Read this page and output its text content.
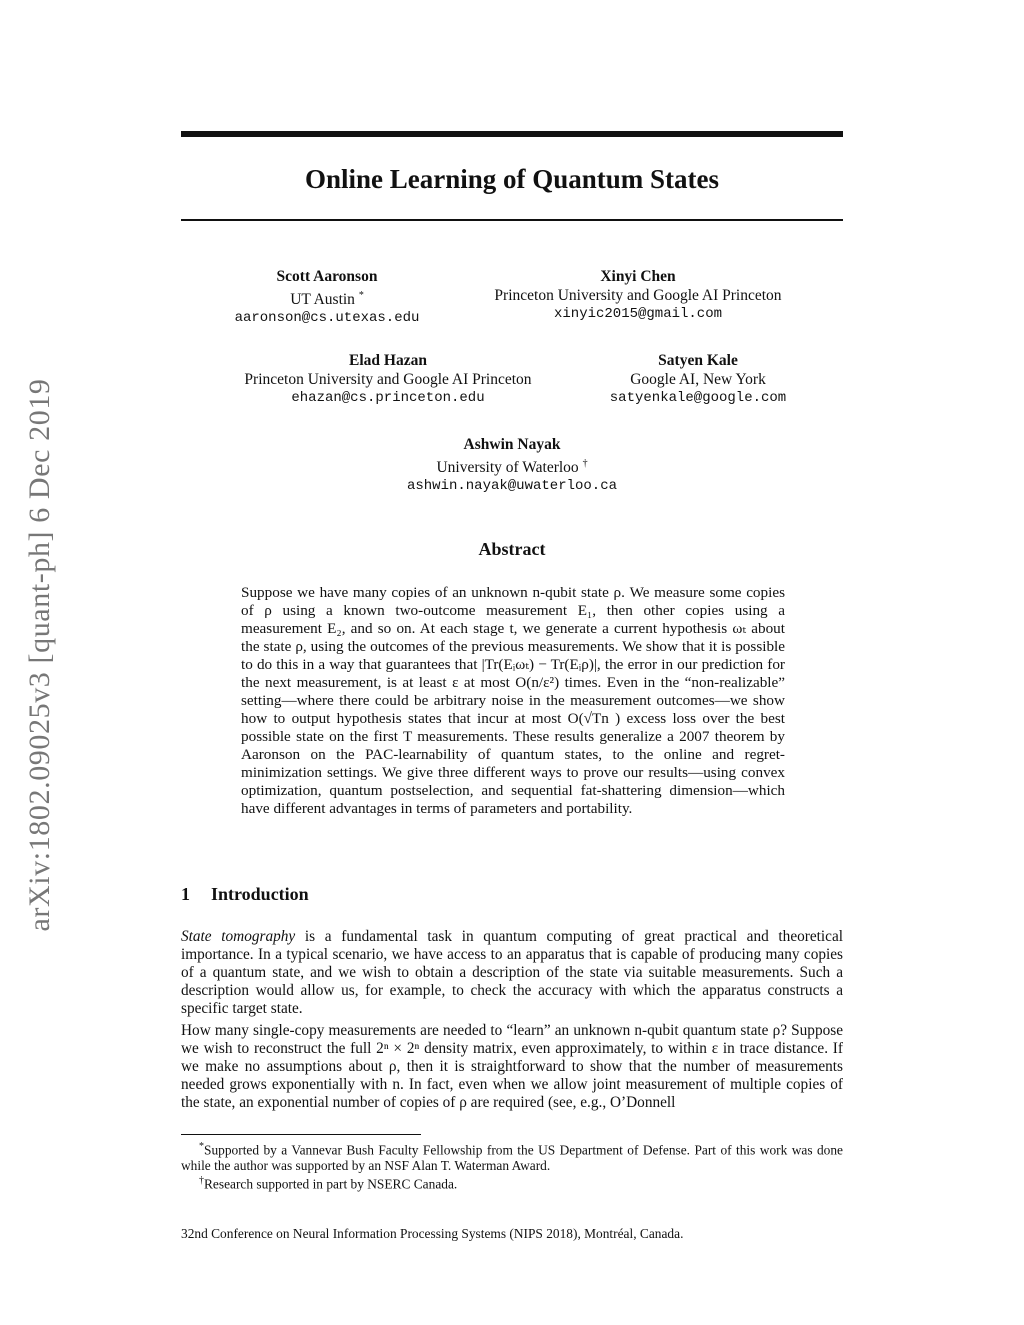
arXiv:1802.09025v3 [quant-ph] 6 Dec 2019
Online Learning of Quantum States
Scott Aaronson
UT Austin *
aaronson@cs.utexas.edu
Xinyi Chen
Princeton University and Google AI Princeton
xinyic2015@gmail.com
Elad Hazan
Princeton University and Google AI Princeton
ehazan@cs.princeton.edu
Satyen Kale
Google AI, New York
satyenkale@google.com
Ashwin Nayak
University of Waterloo †
ashwin.nayak@uwaterloo.ca
Abstract
Suppose we have many copies of an unknown n-qubit state ρ. We measure some copies of ρ using a known two-outcome measurement E₁, then other copies using a measurement E₂, and so on. At each stage t, we generate a current hypothesis ωₜ about the state ρ, using the outcomes of the previous measurements. We show that it is possible to do this in a way that guarantees that |Tr(Eᵢωₜ) − Tr(Eᵢρ)|, the error in our prediction for the next measurement, is at least ε at most O(n/ε²) times. Even in the “non-realizable” setting—where there could be arbitrary noise in the measurement outcomes—we show how to output hypothesis states that incur at most O(√Tn ) excess loss over the best possible state on the first T measurements. These results generalize a 2007 theorem by Aaronson on the PAC-learnability of quantum states, to the online and regret-minimization settings. We give three different ways to prove our results—using convex optimization, quantum postselection, and sequential fat-shattering dimension—which have different advantages in terms of parameters and portability.
1 Introduction
State tomography is a fundamental task in quantum computing of great practical and theoretical importance. In a typical scenario, we have access to an apparatus that is capable of producing many copies of a quantum state, and we wish to obtain a description of the state via suitable measurements. Such a description would allow us, for example, to check the accuracy with which the apparatus constructs a specific target state.
How many single-copy measurements are needed to “learn” an unknown n-qubit quantum state ρ? Suppose we wish to reconstruct the full 2ⁿ × 2ⁿ density matrix, even approximately, to within ε in trace distance. If we make no assumptions about ρ, then it is straightforward to show that the number of measurements needed grows exponentially with n. In fact, even when we allow joint measurement of multiple copies of the state, an exponential number of copies of ρ are required (see, e.g., O’Donnell
*Supported by a Vannevar Bush Faculty Fellowship from the US Department of Defense. Part of this work was done while the author was supported by an NSF Alan T. Waterman Award.
†Research supported in part by NSERC Canada.
32nd Conference on Neural Information Processing Systems (NIPS 2018), Montréal, Canada.
